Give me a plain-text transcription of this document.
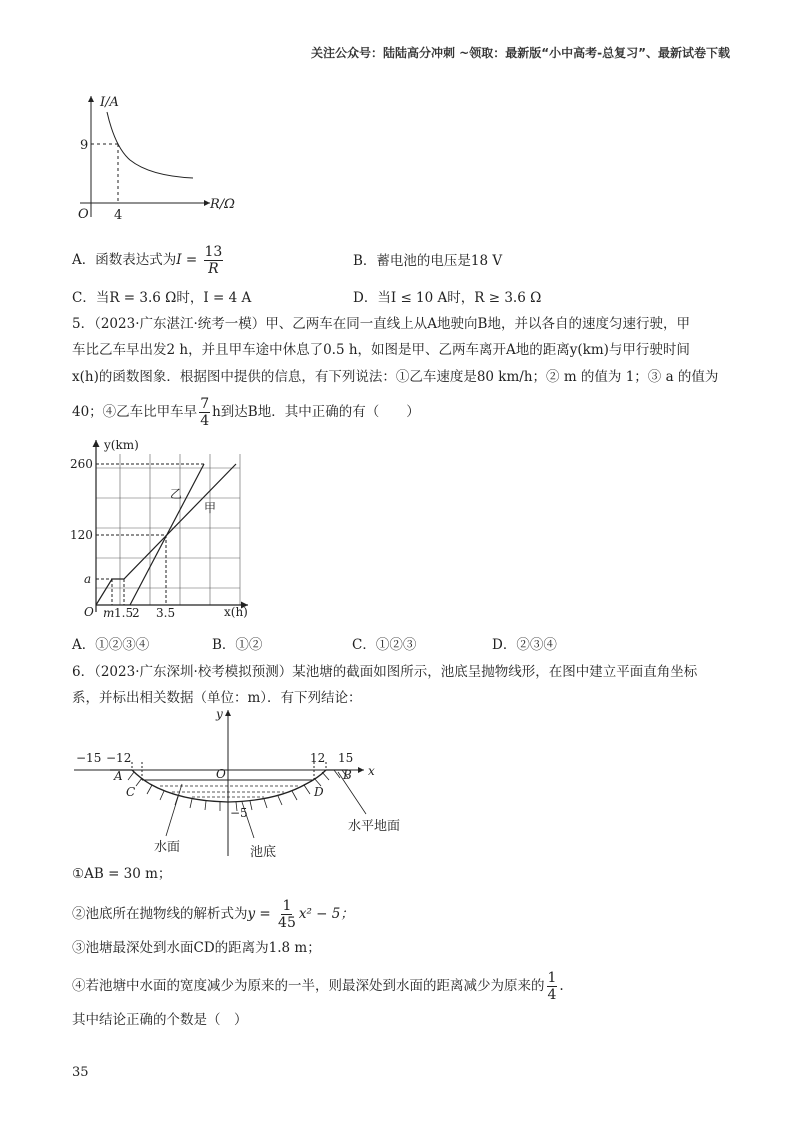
关注公众号：陆陆高分冲刺 ~领取：最新版“小中高考-总复习”、最新试卷下载
I/A
R/Ω
O
9
4
A．函数表达式为$I = \frac{13}{R}$	B．蓄电池的电压是18 V
C．当R = 3.6 Ω时，I = 4 A	D．当I ≤ 10 A时，R ≥ 3.6 Ω
5．（2023·广东湛江·统考一模）甲、乙两车在同一直线上从A地驶向B地，并以各自的速度匀速行驶，甲
车比乙车早出发2 h，并且甲车途中休息了0.5 h，如图是甲、乙两车离开A地的距离y(km)与甲行驶时间
x(h)的函数图象．根据图中提供的信息，有下列说法：①乙车速度是80 km/h；② m 的值为 1；③ a 的值为
40；④乙车比甲车早 $\frac{7}{4}$ h到达B地．其中正确的有（　　）
y(km)
x(h)
O
260
120
a
m 1.5
2 3.5
乙
甲
A．①②③④	B．①②	C．①②③	D．②③④
6．（2023·广东深圳·校考模拟预测）某池塘的截面如图所示，池底呈抛物线形，在图中建立平面直角坐标
系，并标出相关数据（单位：m）．有下列结论：
y
x
O
−15 −12	12 15
−5
A	B
C	D
水面	池底
水平地面
①AB = 30 m；
②池底所在抛物线的解析式为$y = \frac{1}{45} x^2 - 5$；
③池塘最深处到水面CD的距离为1.8 m；
④若池塘中水面的宽度减少为原来的一半，则最深处到水面的距离减少为原来的 $\frac{1}{4}$ .
其中结论正确的个数是（　）
35
